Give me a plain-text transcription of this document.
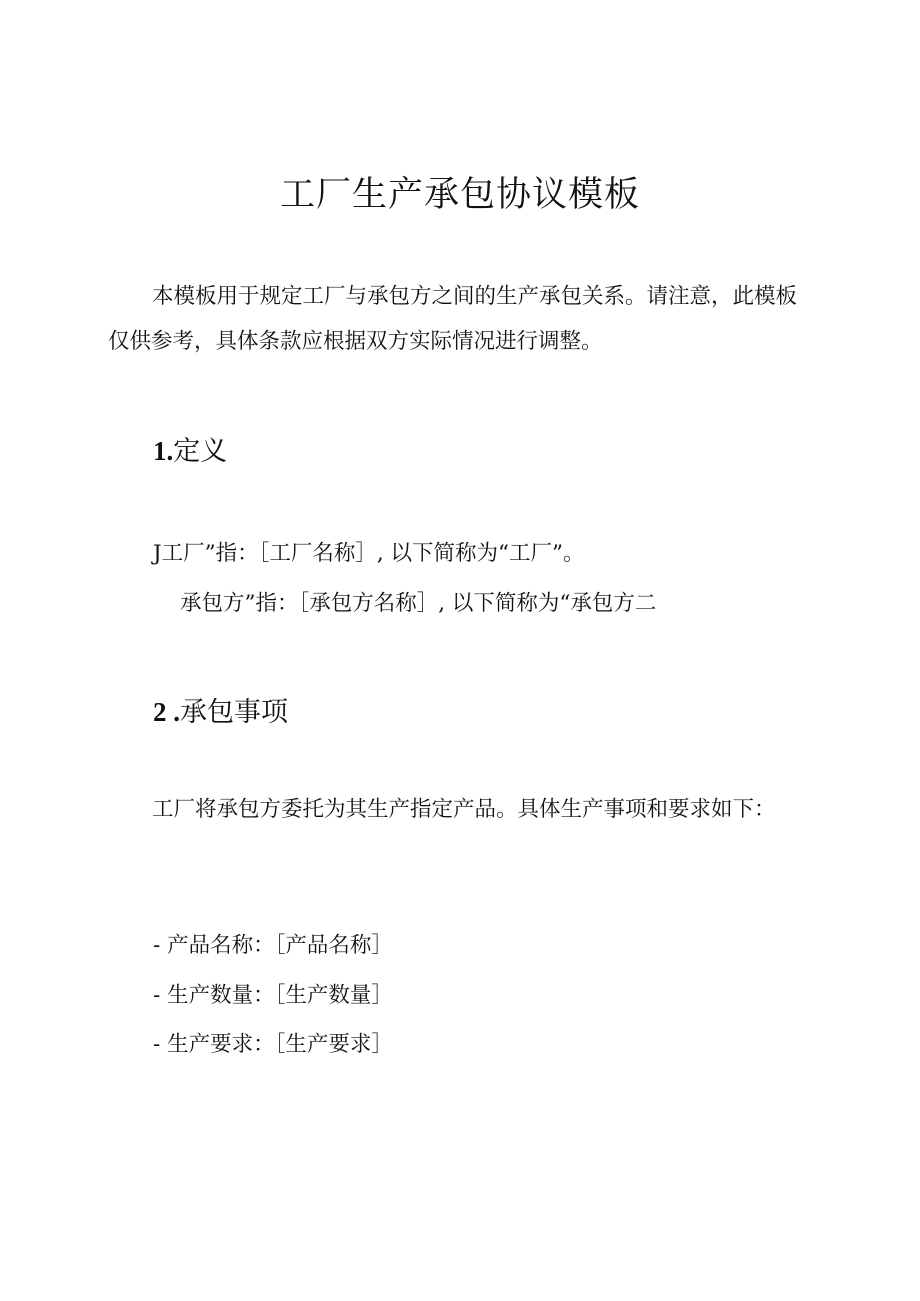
工厂生产承包协议模板

本模板用于规定工厂与承包方之间的生产承包关系。请注意，此模板仅供参考，具体条款应根据双方实际情况进行调整。

1.定义

J工厂”指：［工厂名称］, 以下简称为“工厂”。

承包方”指：［承包方名称］, 以下简称为“承包方二

2 .承包事项

工厂将承包方委托为其生产指定产品。具体生产事项和要求如下：

- 产品名称：［产品名称］

- 生产数量：［生产数量］

- 生产要求：［生产要求］
